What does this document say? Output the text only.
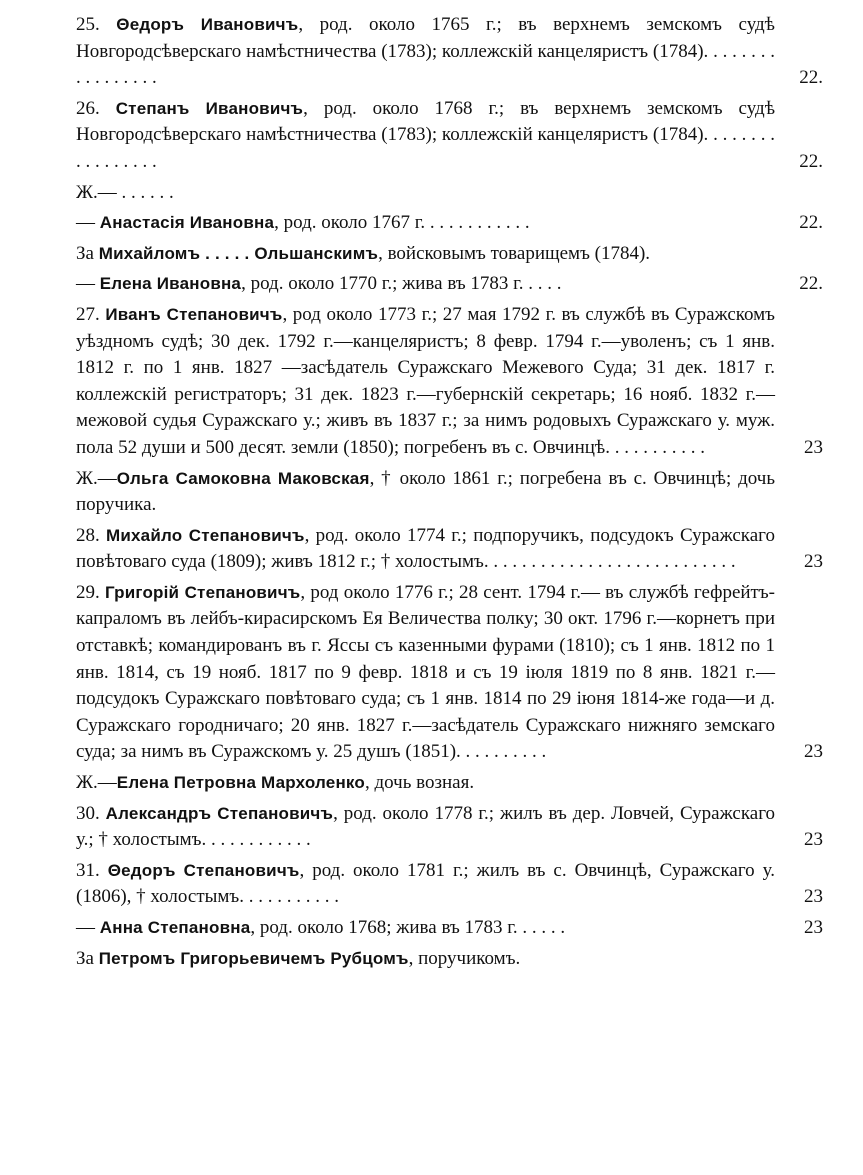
25. Θедоръ Ивановичъ, род. около 1765 г.; въ верхнемъ земскомъ судѣ Новгородсѣверскаго намѣстничества (1783); коллежскій канцеляристъ (1784). . . . . . . . . . . . . . . . .	22.
26. Степанъ Ивановичъ, род. около 1768 г.; въ верхнемъ земскомъ судѣ Новгородсѣверскаго намѣстничества (1783); коллежскій канцеляристъ (1784). . . . . . . . . . . . . . . . .	22.
Ж.— . . . . . .
— Анастасія Ивановна, род. около 1767 г. . . . . . . . . . . .	22.
За Михайломъ . . . . . Ольшанскимъ, войсковымъ товарищемъ (1784).
— Елена Ивановна, род. около 1770 г.; жива въ 1783 г. . . . .	22.
27. Иванъ Степановичъ, род около 1773 г.; 27 мая 1792 г. въ службѣ въ Суражскомъ уѣздномъ судѣ; 30 дек. 1792 г.—канцеляристъ; 8 февр. 1794 г.—уволенъ; съ 1 янв. 1812 г. по 1 янв. 1827 —засѣдатель Суражскаго Межевого Суда; 31 дек. 1817 г. коллежскій регистраторъ; 31 дек. 1823 г.—губернскій секретарь; 16 нояб. 1832 г.—межовой судья Суражскаго у.; живъ въ 1837 г.; за нимъ родовыхъ Суражскаго у. муж. пола 52 души и 500 десят. земли (1850); погребенъ въ с. Овчинцѣ. . . . . . . . . . .	23
Ж.—Ольга Самоковна Маковская, † около 1861 г.; погребена въ с. Овчинцѣ; дочь поручика.
28. Михайло Степановичъ, род. около 1774 г.; подпоручикъ, подсудокъ Суражскаго повѣтоваго суда (1809); живъ 1812 г.; † холостымъ. . . . . . . . . . . . . . . . . . . . . . . . . . .	23
29. Григорій Степановичъ, род около 1776 г.; 28 сент. 1794 г.— въ службѣ гефрейтъ-капраломъ въ лейбъ-кирасирскомъ Ея Величества полку; 30 окт. 1796 г.—корнетъ при отставкѣ; командированъ въ г. Яссы съ казенными фурами (1810); съ 1 янв. 1812 по 1 янв. 1814, съ 19 нояб. 1817 по 9 февр. 1818 и съ 19 іюля 1819 по 8 янв. 1821 г.—подсудокъ Суражскаго повѣтоваго суда; съ 1 янв. 1814 по 29 іюня 1814-же года—и д. Суражскаго городничаго; 20 янв. 1827 г.—засѣдатель Суражскаго нижняго земскаго суда; за нимъ въ Суражскомъ у. 25 душъ (1851). . . . . . . . . .	23
Ж.—Елена Петровна Мархоленко, дочь возная.
30. Александръ Степановичъ, род. около 1778 г.; жилъ въ дер. Ловчей, Суражскаго у.; † холостымъ. . . . . . . . . . . .	23
31. Θедоръ Степановичъ, род. около 1781 г.; жилъ въ с. Овчинцѣ, Суражскаго у. (1806), † холостымъ. . . . . . . . . . .	23
— Анна Степановна, род. около 1768; жива въ 1783 г. . . . . .	23
За Петромъ Григорьевичемъ Рубцомъ, поручикомъ.
